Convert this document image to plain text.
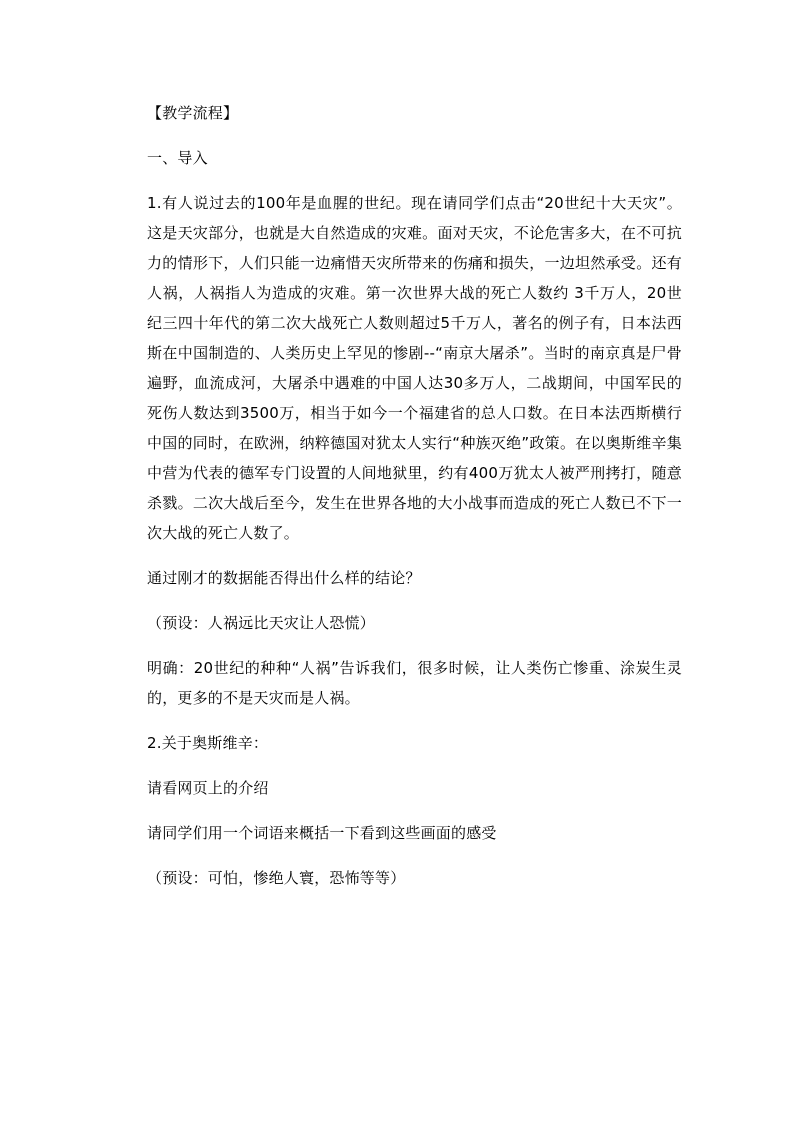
【教学流程】

一、导入

1.有人说过去的100年是血腥的世纪。现在请同学们点击“20世纪十大天灾”。这是天灾部分，也就是大自然造成的灾难。面对天灾，不论危害多大，在不可抗力的情形下，人们只能一边痛惜天灾所带来的伤痛和损失，一边坦然承受。还有人祸，人祸指人为造成的灾难。第一次世界大战的死亡人数约 3千万人，20世纪三四十年代的第二次大战死亡人数则超过5千万人，著名的例子有，日本法西斯在中国制造的、人类历史上罕见的惨剧--“南京大屠杀”。当时的南京真是尸骨遍野，血流成河，大屠杀中遇难的中国人达30多万人，二战期间，中国军民的死伤人数达到3500万，相当于如今一个福建省的总人口数。在日本法西斯横行中国的同时，在欧洲，纳粹德国对犹太人实行“种族灭绝”政策。在以奥斯维辛集中营为代表的德军专门设置的人间地狱里，约有400万犹太人被严刑拷打，随意杀戮。二次大战后至今，发生在世界各地的大小战事而造成的死亡人数已不下一次大战的死亡人数了。

通过刚才的数据能否得出什么样的结论？

（预设：人祸远比天灾让人恐慌）

明确：20世纪的种种“人祸”告诉我们，很多时候，让人类伤亡惨重、涂炭生灵的，更多的不是天灾而是人祸。

2.关于奥斯维辛：

请看网页上的介绍

请同学们用一个词语来概括一下看到这些画面的感受

（预设：可怕，惨绝人寰，恐怖等等）
